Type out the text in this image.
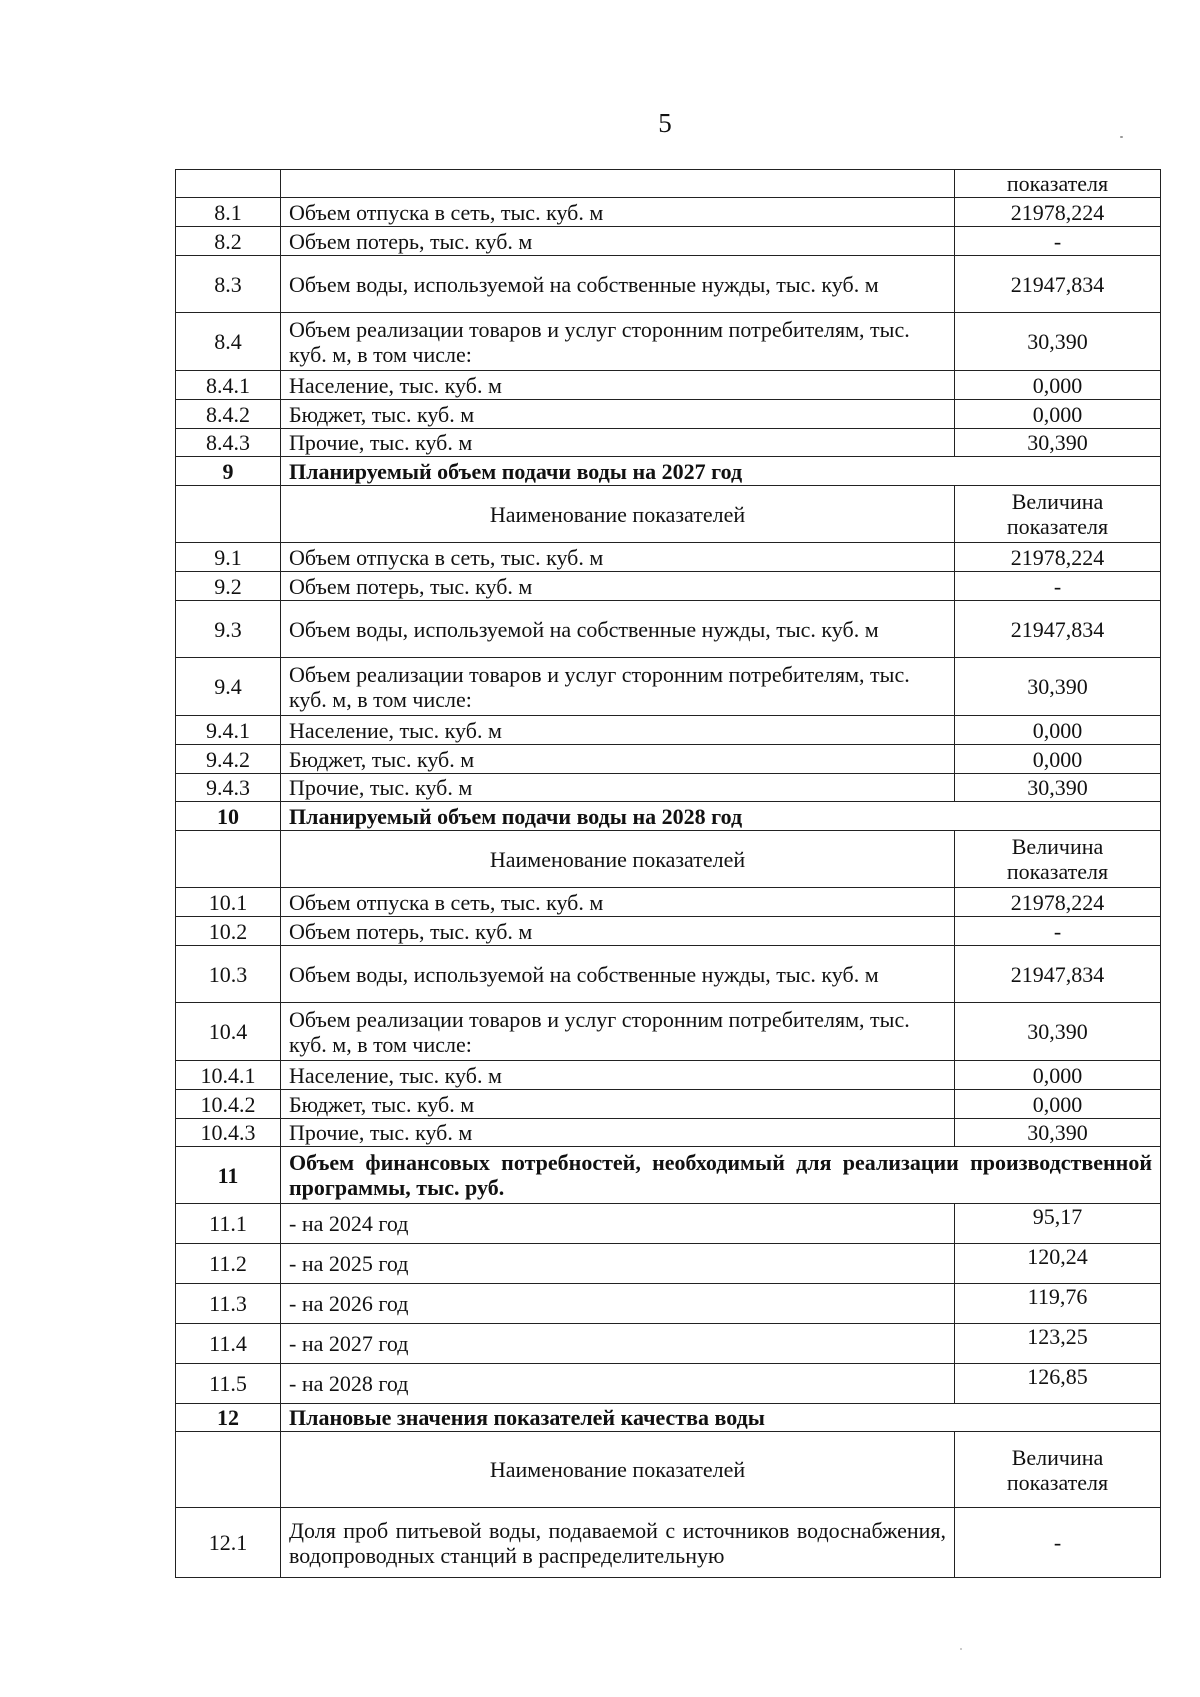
5
		показателя
8.1	Объем отпуска в сеть, тыс. куб. м	21978,224
8.2	Объем потерь, тыс. куб. м	-
8.3	Объем воды, используемой на собственные нужды, тыс. куб. м	21947,834
8.4	Объем реализации товаров и услуг сторонним потребителям, тыс. куб. м, в том числе:	30,390
8.4.1	Население, тыс. куб. м	0,000
8.4.2	Бюджет, тыс. куб. м	0,000
8.4.3	Прочие, тыс. куб. м	30,390
9	Планируемый объем подачи воды на 2027 год	
	Наименование показателей	Величина показателя
9.1	Объем отпуска в сеть, тыс. куб. м	21978,224
9.2	Объем потерь, тыс. куб. м	-
9.3	Объем воды, используемой на собственные нужды, тыс. куб. м	21947,834
9.4	Объем реализации товаров и услуг сторонним потребителям, тыс. куб. м, в том числе:	30,390
9.4.1	Население, тыс. куб. м	0,000
9.4.2	Бюджет, тыс. куб. м	0,000
9.4.3	Прочие, тыс. куб. м	30,390
10	Планируемый объем подачи воды на 2028 год	
	Наименование показателей	Величина показателя
10.1	Объем отпуска в сеть, тыс. куб. м	21978,224
10.2	Объем потерь, тыс. куб. м	-
10.3	Объем воды, используемой на собственные нужды, тыс. куб. м	21947,834
10.4	Объем реализации товаров и услуг сторонним потребителям, тыс. куб. м, в том числе:	30,390
10.4.1	Население, тыс. куб. м	0,000
10.4.2	Бюджет, тыс. куб. м	0,000
10.4.3	Прочие, тыс. куб. м	30,390
11	Объем финансовых потребностей, необходимый для реализации производственной программы, тыс. руб.	
11.1	- на 2024 год	95,17
11.2	- на 2025 год	120,24
11.3	- на 2026 год	119,76
11.4	- на 2027 год	123,25
11.5	- на 2028 год	126,85
12	Плановые значения показателей качества воды	
	Наименование показателей	Величина показателя
12.1	Доля проб питьевой воды, подаваемой с источников водоснабжения, водопроводных станций в распределительную	-
